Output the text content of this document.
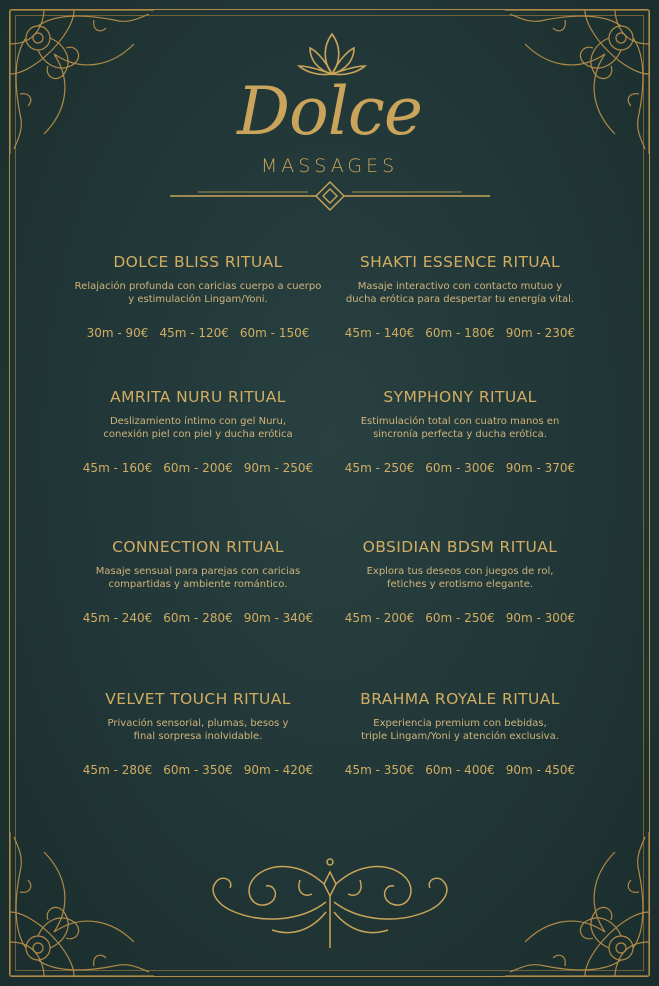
Dolce
MASSAGES
DOLCE BLISS RITUAL
Relajación profunda con caricias cuerpo a cuerpo
y estimulación Lingam/Yoni.
30m - 90€ 45m - 120€ 60m - 150€
SHAKTI ESSENCE RITUAL
Masaje interactivo con contacto mutuo y
ducha erótica para despertar tu energía vital.
45m - 140€ 60m - 180€ 90m - 230€
AMRITA NURU RITUAL
Deslizamiento íntimo con gel Nuru,
conexión piel con piel y ducha erótica
45m - 160€ 60m - 200€ 90m - 250€
SYMPHONY RITUAL
Estimulación total con cuatro manos en
sincronía perfecta y ducha erótica.
45m - 250€ 60m - 300€ 90m - 370€
CONNECTION RITUAL
Masaje sensual para parejas con caricias
compartidas y ambiente romántico.
45m - 240€ 60m - 280€ 90m - 340€
OBSIDIAN BDSM RITUAL
Explora tus deseos con juegos de rol,
fetiches y erotismo elegante.
45m - 200€ 60m - 250€ 90m - 300€
VELVET TOUCH RITUAL
Privación sensorial, plumas, besos y
final sorpresa inolvidable.
45m - 280€ 60m - 350€ 90m - 420€
BRAHMA ROYALE RITUAL
Experiencia premium con bebidas,
triple Lingam/Yoni y atención exclusiva.
45m - 350€ 60m - 400€ 90m - 450€
